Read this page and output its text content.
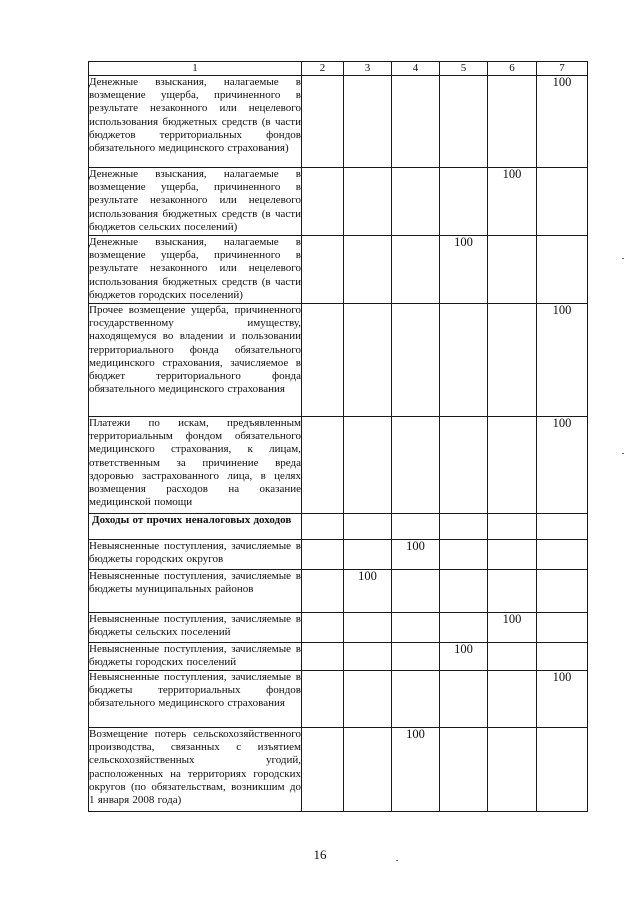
1	2	3	4	5	6	7
Денежные взыскания, налагаемые в возмещение ущерба, причиненного в результате незаконного или нецелевого использования бюджетных средств (в части бюджетов территориальных фондов обязательного медицинского страхования)						100
Денежные взыскания, налагаемые в возмещение ущерба, причиненного в результате незаконного или нецелевого использования бюджетных средств (в части бюджетов сельских поселений)					100	
Денежные взыскания, налагаемые в возмещение ущерба, причиненного в результате незаконного или нецелевого использования бюджетных средств (в части бюджетов городских поселений)				100		
Прочее возмещение ущерба, причиненного государственному имуществу, находящемуся во владении и пользовании территориального фонда обязательного медицинского страхования, зачисляемое в бюджет территориального фонда обязательного медицинского страхования						100
Платежи по искам, предъявленным территориальным фондом обязательного медицинского страхования, к лицам, ответственным за причинение вреда здоровью застрахованного лица, в целях возмещения расходов на оказание медицинской помощи						100
Доходы от прочих неналоговых доходов						
Невыясненные поступления, зачисляемые в бюджеты городских округов			100			
Невыясненные поступления, зачисляемые в бюджеты муниципальных районов		100				
Невыясненные поступления, зачисляемые в бюджеты сельских поселений					100	
Невыясненные поступления, зачисляемые в бюджеты городских поселений				100		
Невыясненные поступления, зачисляемые в бюджеты территориальных фондов обязательного медицинского страхования						100
Возмещение потерь сельскохозяйственного производства, связанных с изъятием сельскохозяйственных угодий, расположенных на территориях городских округов (по обязательствам, возникшим до 1 января 2008 года)			100			
16
